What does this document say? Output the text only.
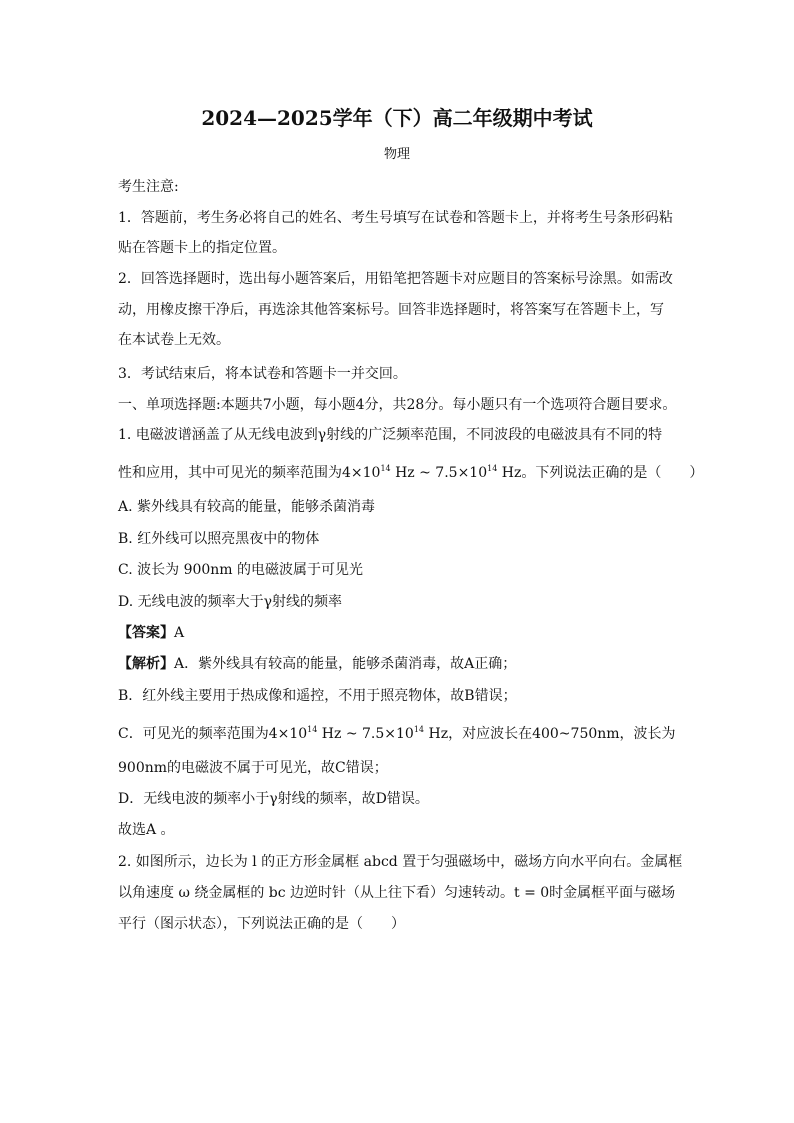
2024—2025学年（下）高二年级期中考试
物理
考生注意:
1．答题前，考生务必将自己的姓名、考生号填写在试卷和答题卡上，并将考生号条形码粘
贴在答题卡上的指定位置。
2．回答选择题时，选出每小题答案后，用铅笔把答题卡对应题目的答案标号涂黑。如需改
动，用橡皮擦干净后，再选涂其他答案标号。回答非选择题时，将答案写在答题卡上，写
在本试卷上无效。
3．考试结束后，将本试卷和答题卡一并交回。
一、单项选择题:本题共7小题，每小题4分，共28分。每小题只有一个选项符合题目要求。
1. 电磁波谱涵盖了从无线电波到γ射线的广泛频率范围，不同波段的电磁波具有不同的特
性和应用，其中可见光的频率范围为$4\times 10^{14}$ Hz ~ $7.5\times 10^{14}$ Hz。下列说法正确的是（　　）
A. 紫外线具有较高的能量，能够杀菌消毒
B. 红外线可以照亮黑夜中的物体
C. 波长为 900nm 的电磁波属于可见光
D. 无线电波的频率大于γ射线的频率
【答案】A
【解析】A．紫外线具有较高的能量，能够杀菌消毒，故A正确；
B．红外线主要用于热成像和遥控，不用于照亮物体，故B错误；
C．可见光的频率范围为$4\times 10^{14}$ Hz ~ $7.5\times 10^{14}$ Hz，对应波长在400~750nm，波长为
900nm的电磁波不属于可见光，故C错误；
D．无线电波的频率小于γ射线的频率，故D错误。
故选A 。
2. 如图所示，边长为 l 的正方形金属框 abcd 置于匀强磁场中，磁场方向水平向右。金属框
以角速度 ω 绕金属框的 bc 边逆时针（从上往下看）匀速转动。t = 0时金属框平面与磁场
平行（图示状态），下列说法正确的是（　　）
